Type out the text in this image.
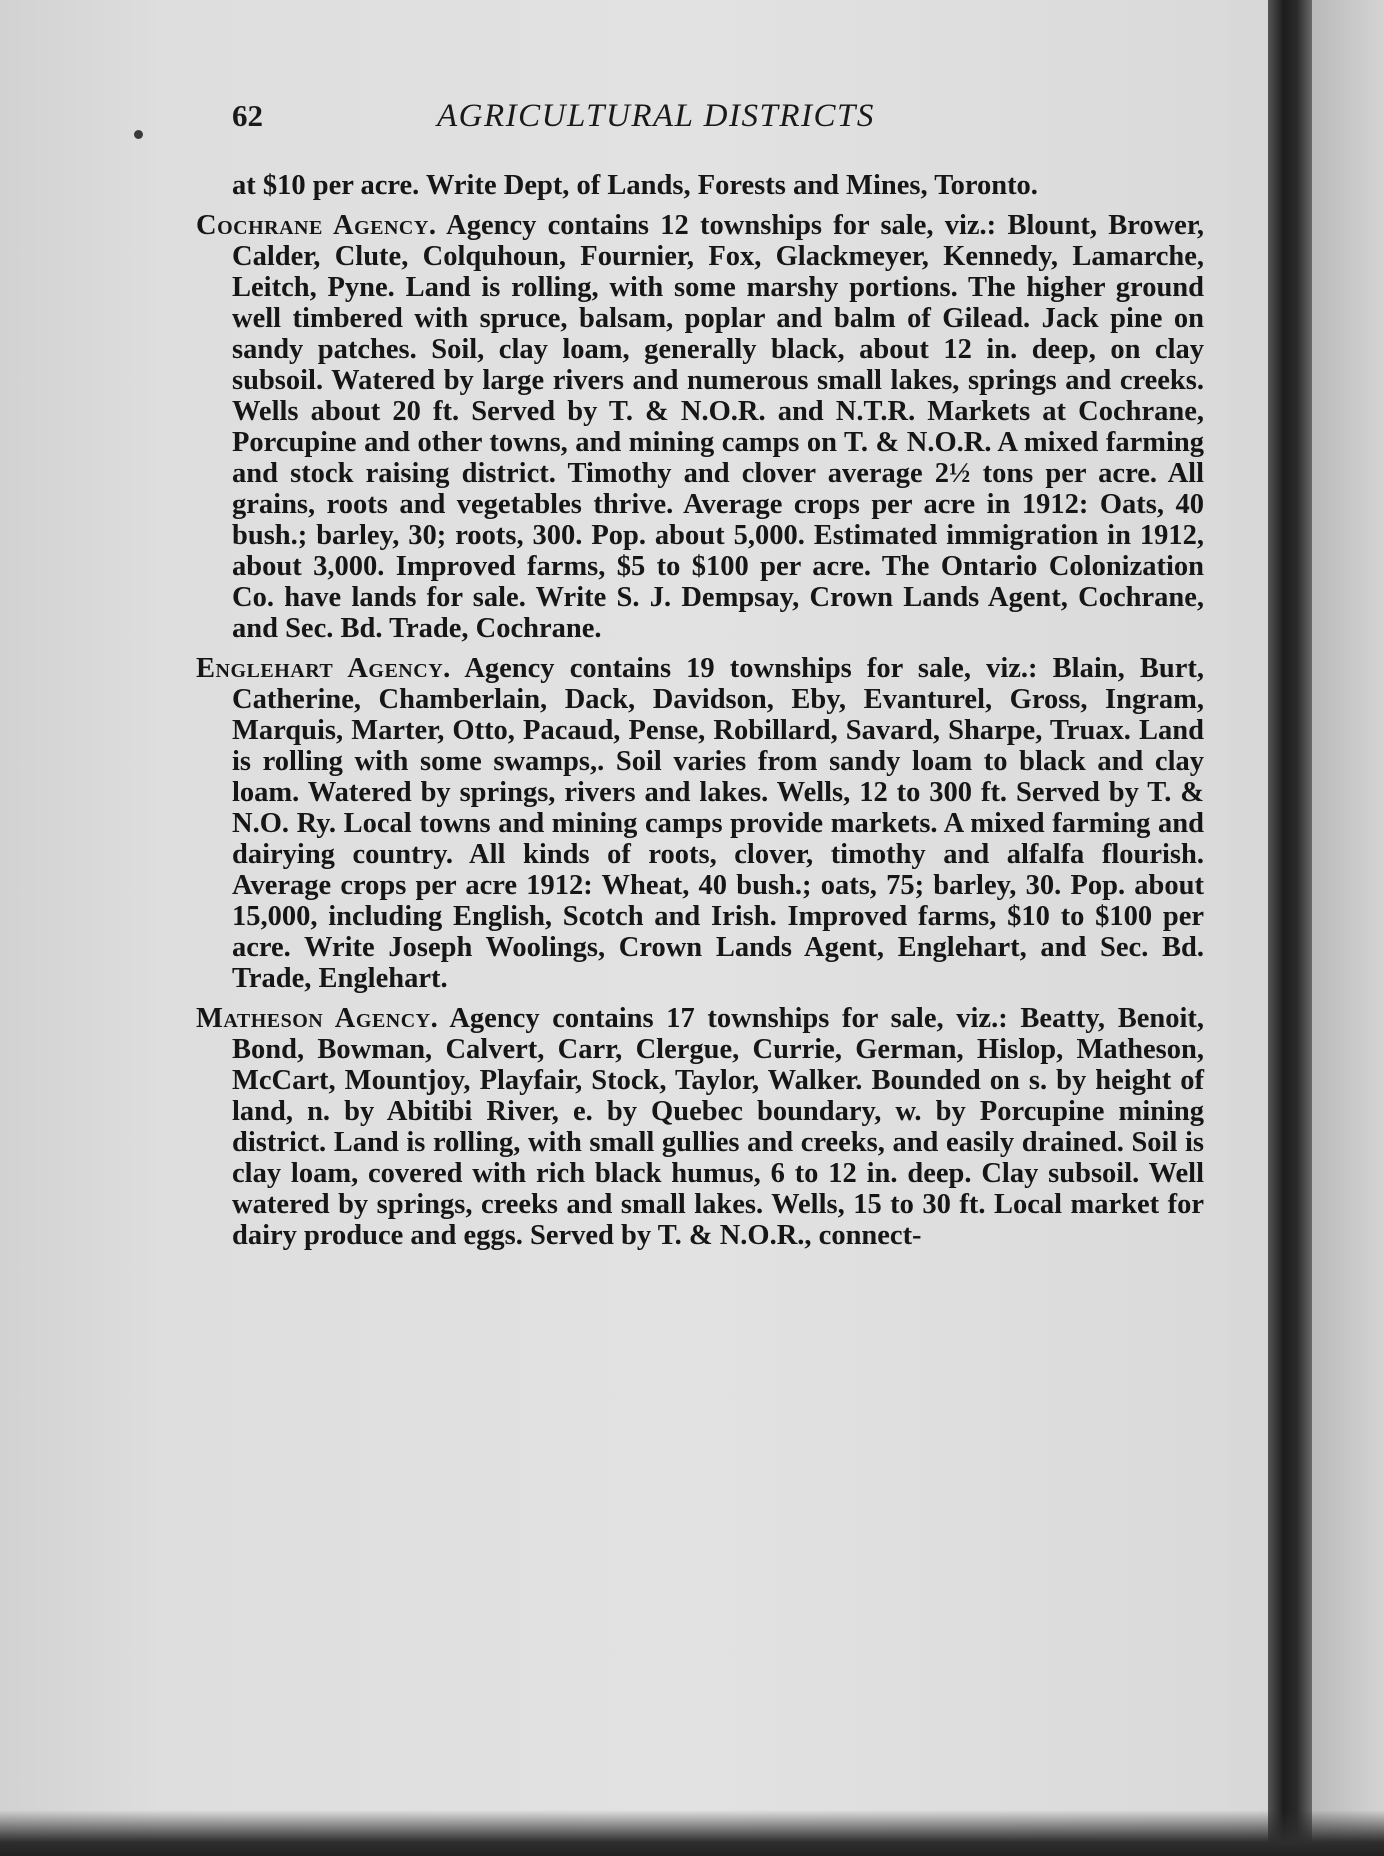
62	AGRICULTURAL DISTRICTS

at $10 per acre. Write Dept, of Lands, Forests and Mines, Toronto.

Cochrane Agency. Agency contains 12 townships for sale, viz.: Blount, Brower, Calder, Clute, Colquhoun, Fournier, Fox, Glackmeyer, Kennedy, Lamarche, Leitch, Pyne. Land is rolling, with some marshy portions. The higher ground well timbered with spruce, balsam, poplar and balm of Gilead. Jack pine on sandy patches. Soil, clay loam, generally black, about 12 in. deep, on clay subsoil. Watered by large rivers and numerous small lakes, springs and creeks. Wells about 20 ft. Served by T. & N.O.R. and N.T.R. Markets at Cochrane, Porcupine and other towns, and mining camps on T. & N.O.R. A mixed farming and stock raising district. Timothy and clover average 2½ tons per acre. All grains, roots and vegetables thrive. Average crops per acre in 1912: Oats, 40 bush.; barley, 30; roots, 300. Pop. about 5,000. Estimated immigration in 1912, about 3,000. Improved farms, $5 to $100 per acre. The Ontario Colonization Co. have lands for sale. Write S. J. Dempsay, Crown Lands Agent, Cochrane, and Sec. Bd. Trade, Cochrane.

Englehart Agency. Agency contains 19 townships for sale, viz.: Blain, Burt, Catherine, Chamberlain, Dack, Davidson, Eby, Evanturel, Gross, Ingram, Marquis, Marter, Otto, Pacaud, Pense, Robillard, Savard, Sharpe, Truax. Land is rolling with some swamps,. Soil varies from sandy loam to black and clay loam. Watered by springs, rivers and lakes. Wells, 12 to 300 ft. Served by T. & N.O. Ry. Local towns and mining camps provide markets. A mixed farming and dairying country. All kinds of roots, clover, timothy and alfalfa flourish. Average crops per acre 1912: Wheat, 40 bush.; oats, 75; barley, 30. Pop. about 15,000, including English, Scotch and Irish. Improved farms, $10 to $100 per acre. Write Joseph Woolings, Crown Lands Agent, Englehart, and Sec. Bd. Trade, Englehart.

Matheson Agency. Agency contains 17 townships for sale, viz.: Beatty, Benoit, Bond, Bowman, Calvert, Carr, Clergue, Currie, German, Hislop, Matheson, McCart, Mountjoy, Playfair, Stock, Taylor, Walker. Bounded on s. by height of land, n. by Abitibi River, e. by Quebec boundary, w. by Porcupine mining district. Land is rolling, with small gullies and creeks, and easily drained. Soil is clay loam, covered with rich black humus, 6 to 12 in. deep. Clay subsoil. Well watered by springs, creeks and small lakes. Wells, 15 to 30 ft. Local market for dairy produce and eggs. Served by T. & N.O.R., connect-
